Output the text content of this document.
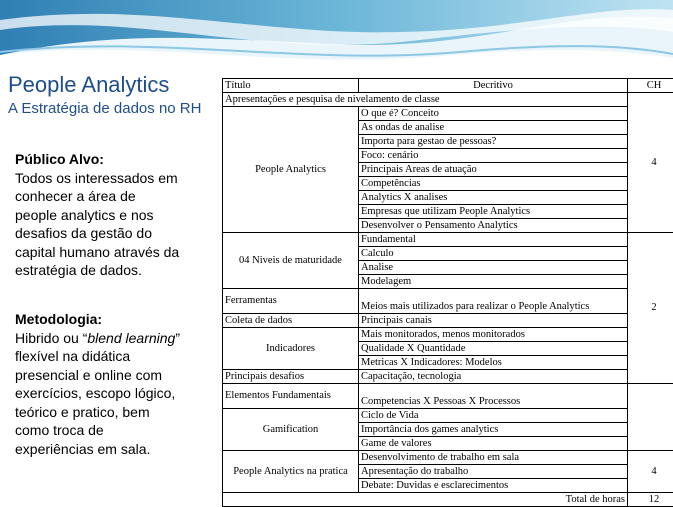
People Analytics
A Estratégia de dados no RH
Público Alvo:
Todos os interessados em
conhecer a área de
people analytics e nos
desafios da gestão do
capital humano através da
estratégia de dados.
Metodologia:
Hibrido ou “blend learning”
flexível na didática
presencial e online com
exercícios, escopo lógico,
teórico e pratico, bem
como troca de
experiências em sala.
Título	Decritivo	CH	
Apresentações e pesquisa de nivelamento de classe		4	
People Analytics	O que é? Conceito		
	As ondas de analise		
	Importa para gestao de pessoas?		
	Foco: cenário		
	Principais Areas de atuação		
	Competências		
	Analytics X analises		
	Empresas que utilizam People Analytics		
	Desenvolver o Pensamento Analytics		
04 Niveis de maturidade	Fundamental	2	
	Calculo		
	Analise		
	Modelagem		
Ferramentas	Meios mais utilizados para realizar o People Analytics		
Coleta de dados	Principais canais		
Indicadores	Mais monitorados, menos monitorados		
	Qualidade X Quantidade		
	Metricas X Indicadores: Modelos		
Principais desafios	Capacitação, tecnologia	
Elementos Fundamentais	Competencias X Pessoas X Processos		
Gamification	Ciclo de Vida		
	Importância dos games analytics		
	Game de valores		
People Analytics na pratica	Desenvolvimento de trabalho em sala	4	
	Apresentação do trabalho		
	Debate: Duvidas e esclarecimentos		
Total de horas		12	
